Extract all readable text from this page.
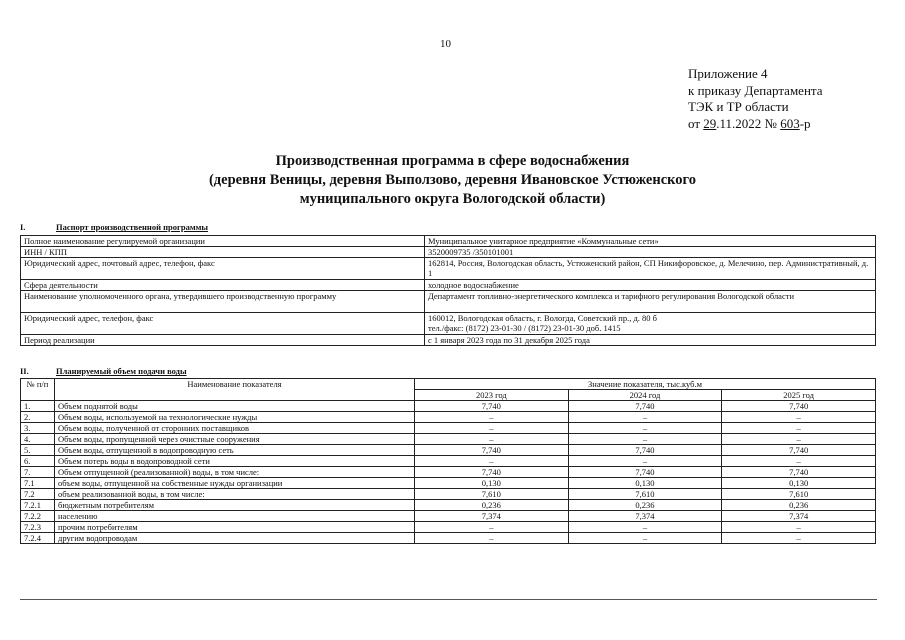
10
Приложение 4
к приказу Департамента
ТЭК и ТР области
от 29.11.2022 № 603-р
Производственная программа в сфере водоснабжения
(деревня Веницы, деревня Выползово, деревня Ивановское Устюженского
муниципального округа Вологодской области)
I.	Паспорт производственной программы
Полное наименование регулируемой организации	Муниципальное унитарное предприятие «Коммунальные сети»
ИНН / КПП	3520009735 /350101001
Юридический адрес, почтовый адрес, телефон, факс	162814, Россия, Вологодская область, Устюженский район, СП Никифоровское, д. Мелечино, пер. Административный, д. 1
Сфера деятельности	холодное водоснабжение
Наименование уполномоченного органа, утвердившего производственную программу	Департамент топливно-энергетического комплекса и тарифного регулирования Вологодской области
Юридический адрес, телефон, факс	160012, Вологодская область, г. Вологда, Советский пр., д. 80 б тел./факс: (8172) 23-01-30 / (8172) 23-01-30 доб. 1415
Период реализации	с 1 января 2023 года по 31 декабря 2025 года
II.	Планируемый объем подачи воды
№ п/п	Наименование показателя	Значение показателя, тыс.куб.м		
		2023 год	2024 год	2025 год
1.	Объем поднятой воды	7,740	7,740	7,740
2.	Объем воды, используемой на технологические нужды	–	–	–
3.	Объем воды, полученной от сторонних поставщиков	–	–	–
4.	Объем воды, пропущенной через очистные сооружения	–	–	–
5.	Объем воды, отпущенной в водопроводную сеть	7,740	7,740	7,740
6.	Объем потерь воды в водопроводной сети	–	–	–
7.	Объем отпущенной (реализованной) воды, в том числе:	7,740	7,740	7,740
7.1	объем воды, отпущенной на собственные нужды организации	0,130	0,130	0,130
7.2	объем реализованной воды, в том числе:	7,610	7,610	7,610
7.2.1	бюджетным потребителям	0,236	0,236	0,236
7.2.2	населению	7,374	7,374	7,374
7.2.3	прочим потребителям	–	–	–
7.2.4	другим водопроводам	–	–	–
